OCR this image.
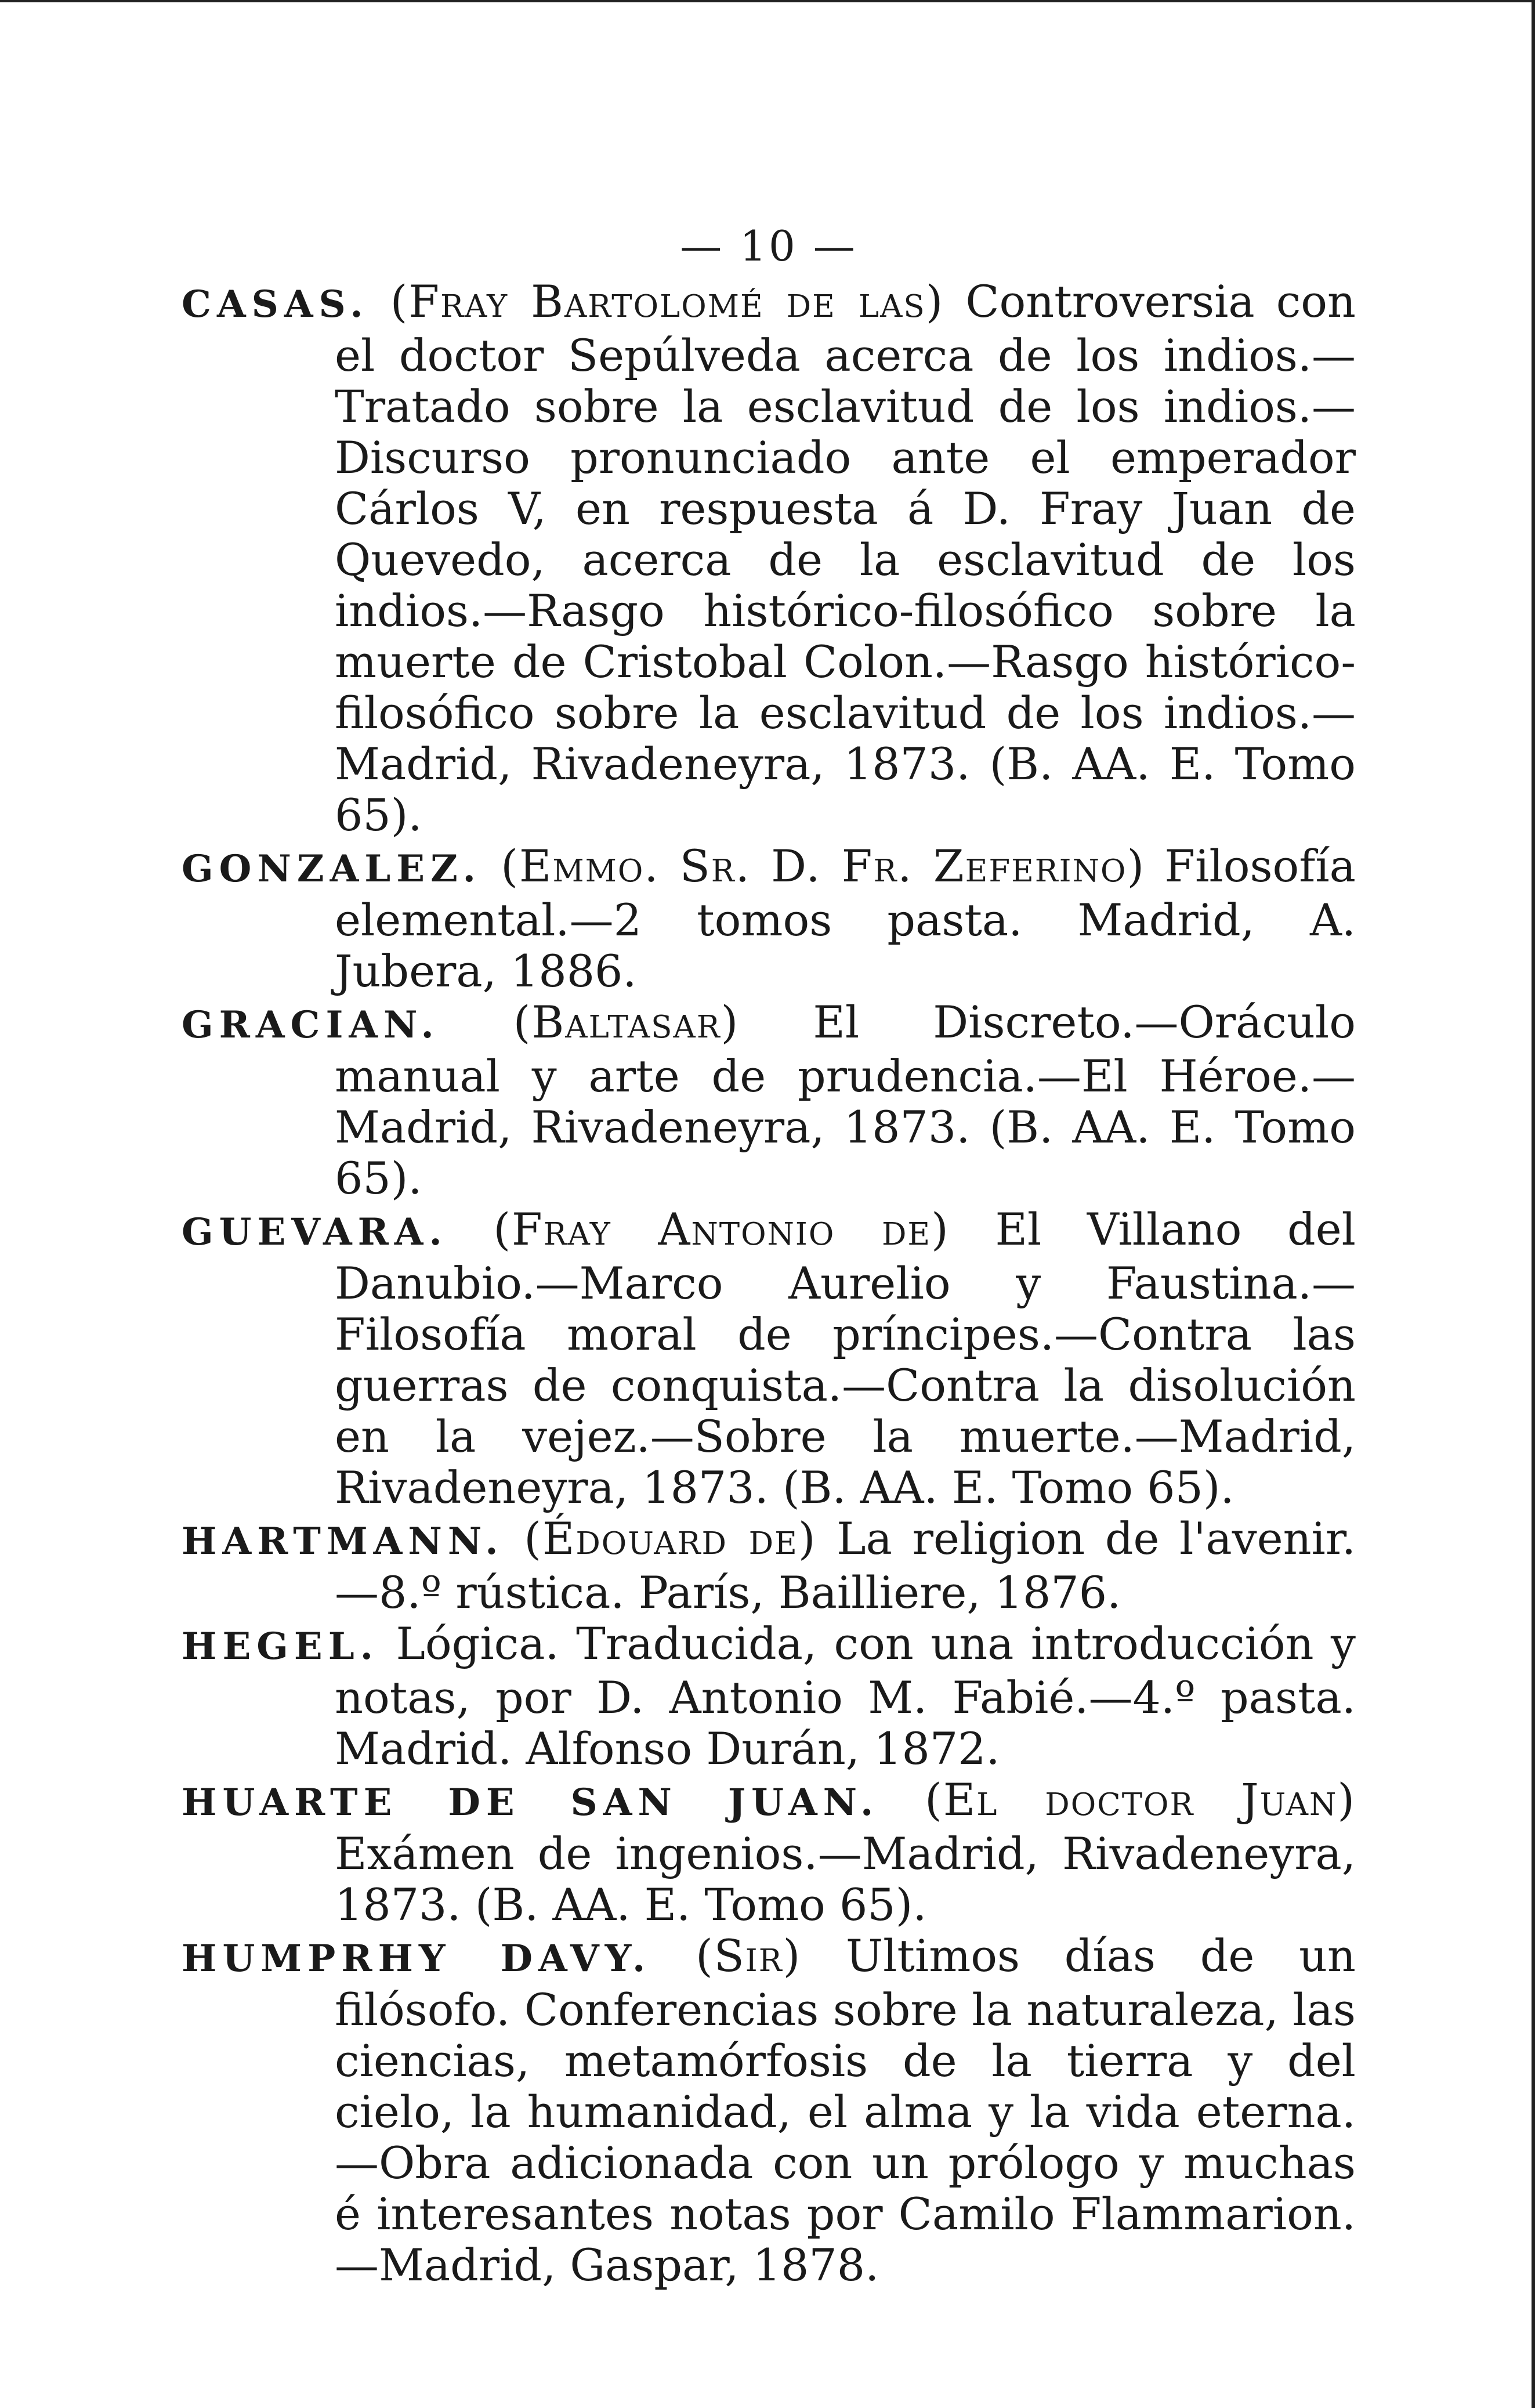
— 10 —

CASAS. (Fray Bartolomé de las) Controversia con el doctor Sepúlveda acerca de los indios.—Tratado sobre la esclavitud de los indios.—Discurso pronunciado ante el emperador Cárlos V, en respuesta á D. Fray Juan de Quevedo, acerca de la esclavitud de los indios.—Rasgo histórico-filosófico sobre la muerte de Cristobal Colon.—Rasgo histórico-filosófico sobre la esclavitud de los indios.—Madrid, Rivadeneyra, 1873. (B. AA. E. Tomo 65).

GONZALEZ. (Emmo. Sr. D. Fr. Zeferino) Filosofía elemental.—2 tomos pasta. Madrid, A. Jubera, 1886.

GRACIAN. (Baltasar) El Discreto.—Oráculo manual y arte de prudencia.—El Héroe.—Madrid, Rivadeneyra, 1873. (B. AA. E. Tomo 65).

GUEVARA. (Fray Antonio de) El Villano del Danubio.—Marco Aurelio y Faustina.—Filosofía moral de príncipes.—Contra las guerras de conquista.—Contra la disolución en la vejez.—Sobre la muerte.—Madrid, Rivadeneyra, 1873. (B. AA. E. Tomo 65).

HARTMANN. (Édouard de) La religion de l'avenir.—8.º rústica. París, Bailliere, 1876.

HEGEL. Lógica. Traducida, con una introducción y notas, por D. Antonio M. Fabié.—4.º pasta. Madrid. Alfonso Durán, 1872.

HUARTE DE SAN JUAN. (El doctor Juan) Exámen de ingenios.—Madrid, Rivadeneyra, 1873. (B. AA. E. Tomo 65).

HUMPRHY DAVY. (Sir) Ultimos días de un filósofo. Conferencias sobre la naturaleza, las ciencias, metamórfosis de la tierra y del cielo, la humanidad, el alma y la vida eterna.—Obra adicionada con un prólogo y muchas é interesantes notas por Camilo Flammarion.—Madrid, Gaspar, 1878.
